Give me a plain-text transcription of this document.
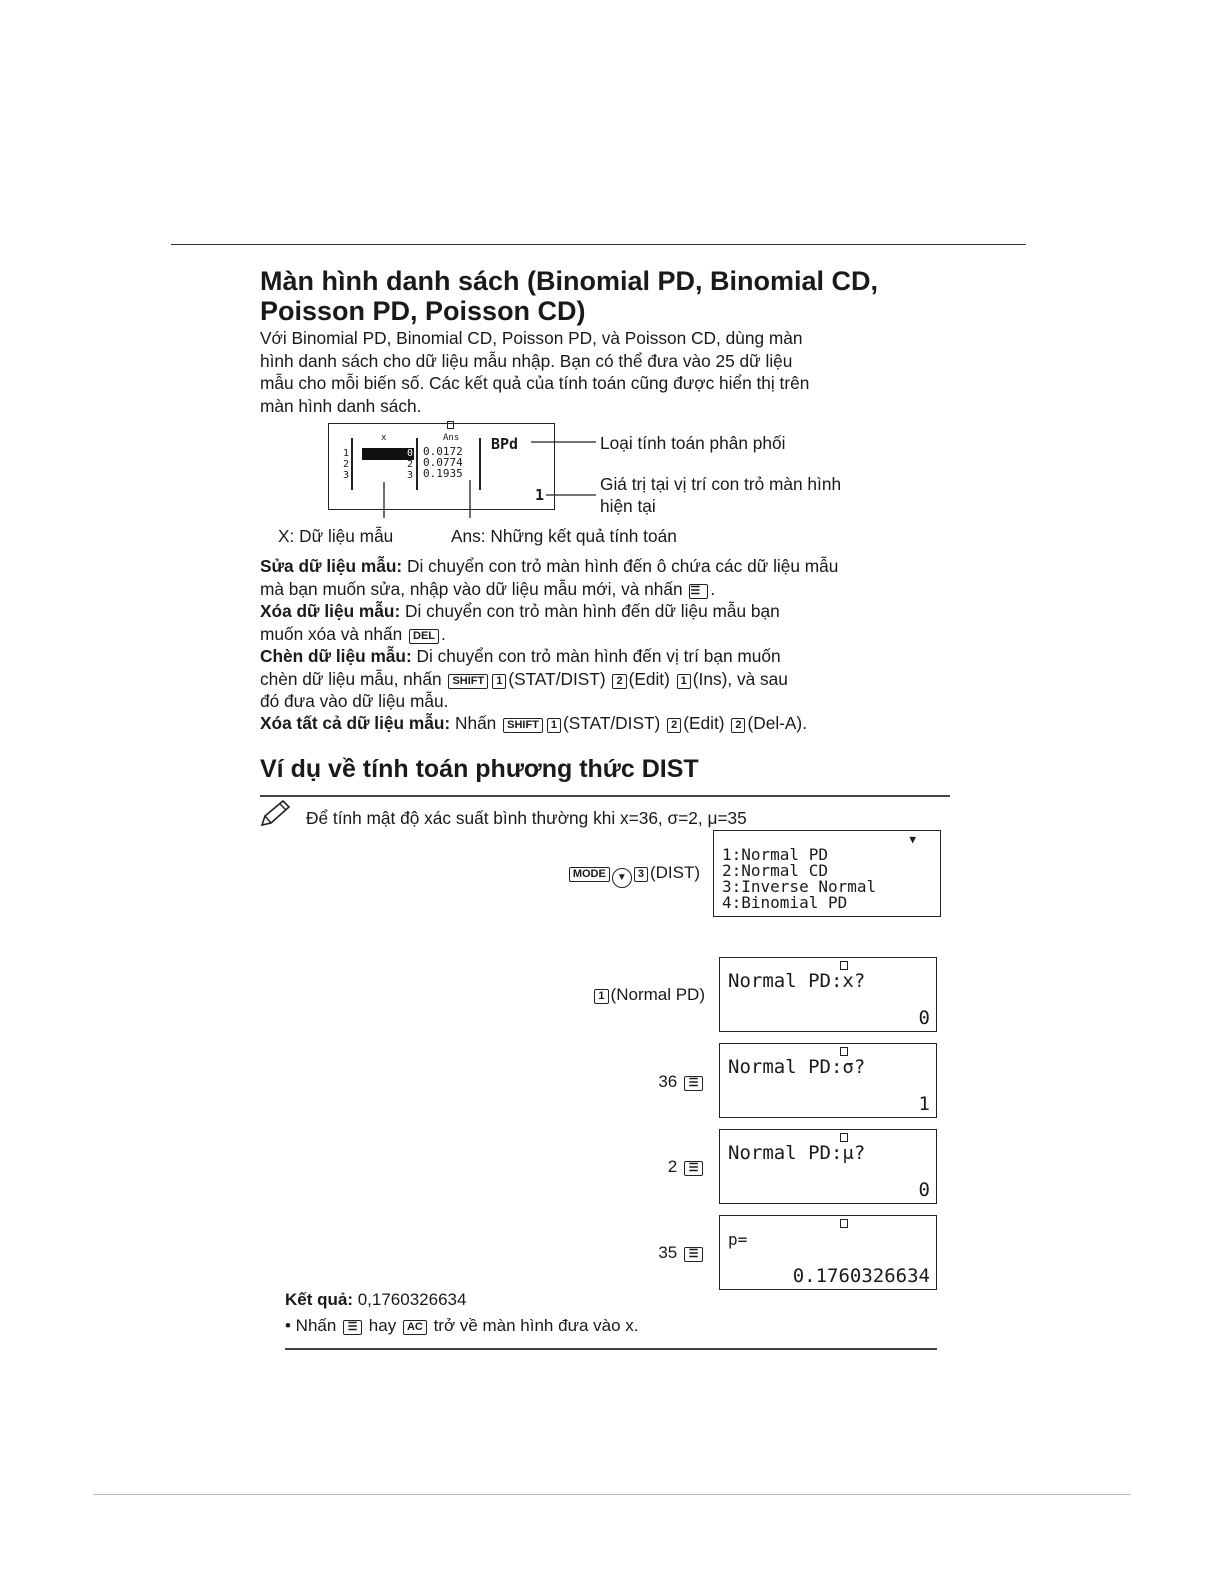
Màn hình danh sách (Binomial PD, Binomial CD, Poisson PD, Poisson CD)
Với Binomial PD, Binomial CD, Poisson PD, và Poisson CD, dùng màn
hình danh sách cho dữ liệu mẫu nhập. Bạn có thể đưa vào 25 dữ liệu
mẫu cho mỗi biến số. Các kết quả của tính toán cũng được hiển thị trên
màn hình danh sách.
x	Ans BPd
1
2
3
0
2
3
0.0172
0.0774
0.1935
1
Loại tính toán phân phối
Giá trị tại vị trí con trỏ màn hình
hiện tại
X: Dữ liệu mẫu	Ans: Những kết quả tính toán
Sửa dữ liệu mẫu: Di chuyển con trỏ màn hình đến ô chứa các dữ liệu mẫu
mà bạn muốn sửa, nhập vào dữ liệu mẫu mới, và nhấn ☰ .
Xóa dữ liệu mẫu: Di chuyển con trỏ màn hình đến dữ liệu mẫu bạn
muốn xóa và nhấn DEL .
Chèn dữ liệu mẫu: Di chuyển con trỏ màn hình đến vị trí bạn muốn
chèn dữ liệu mẫu, nhấn SHIFT 1 (STAT/DIST) 2 (Edit) 1 (Ins), và sau
đó đưa vào dữ liệu mẫu.
Xóa tất cả dữ liệu mẫu: Nhấn SHIFT 1 (STAT/DIST) 2 (Edit) 2 (Del-A).
Ví dụ về tính toán phương thức DIST
Để tính mật độ xác suất bình thường khi x=36, σ=2, μ=35
MODE ▼ 3 (DIST)
▼
1:Normal PD
2:Normal CD
3:Inverse Normal
4:Binomial PD
1 (Normal PD)
Normal PD:x?
0
36 ☰
Normal PD:σ?
1
2 ☰
Normal PD:μ?
0
35 ☰
p=
0.1760326634
Kết quả: 0,1760326634
• Nhấn ☰ hay AC trở về màn hình đưa vào x.
